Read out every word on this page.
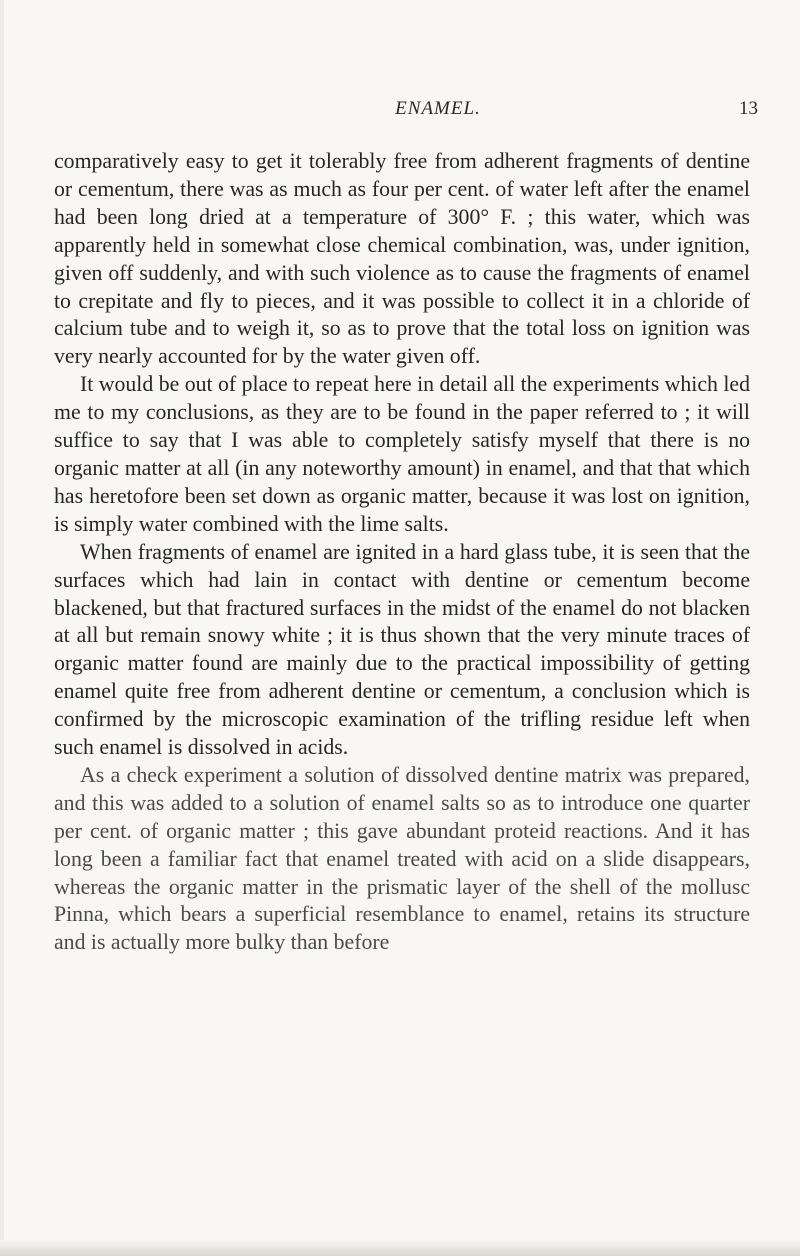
ENAMEL.	13

comparatively easy to get it tolerably free from adherent fragments of dentine or cementum, there was as much as four per cent. of water left after the enamel had been long dried at a temperature of 300° F. ; this water, which was apparently held in somewhat close chemical combination, was, under ignition, given off suddenly, and with such violence as to cause the fragments of enamel to crepitate and fly to pieces, and it was possible to collect it in a chloride of calcium tube and to weigh it, so as to prove that the total loss on ignition was very nearly accounted for by the water given off.

It would be out of place to repeat here in detail all the experiments which led me to my conclusions, as they are to be found in the paper referred to ; it will suffice to say that I was able to completely satisfy myself that there is no organic matter at all (in any noteworthy amount) in enamel, and that that which has heretofore been set down as organic matter, because it was lost on ignition, is simply water combined with the lime salts.

When fragments of enamel are ignited in a hard glass tube, it is seen that the surfaces which had lain in contact with dentine or cementum become blackened, but that fractured surfaces in the midst of the enamel do not blacken at all but remain snowy white ; it is thus shown that the very minute traces of organic matter found are mainly due to the practical impossibility of getting enamel quite free from adherent dentine or cementum, a conclusion which is confirmed by the microscopic examination of the trifling residue left when such enamel is dissolved in acids.

As a check experiment a solution of dissolved dentine matrix was prepared, and this was added to a solution of enamel salts so as to introduce one quarter per cent. of organic matter ; this gave abundant proteid reactions. And it has long been a familiar fact that enamel treated with acid on a slide disappears, whereas the organic matter in the prismatic layer of the shell of the mollusc Pinna, which bears a superficial resemblance to enamel, retains its structure and is actually more bulky than before
